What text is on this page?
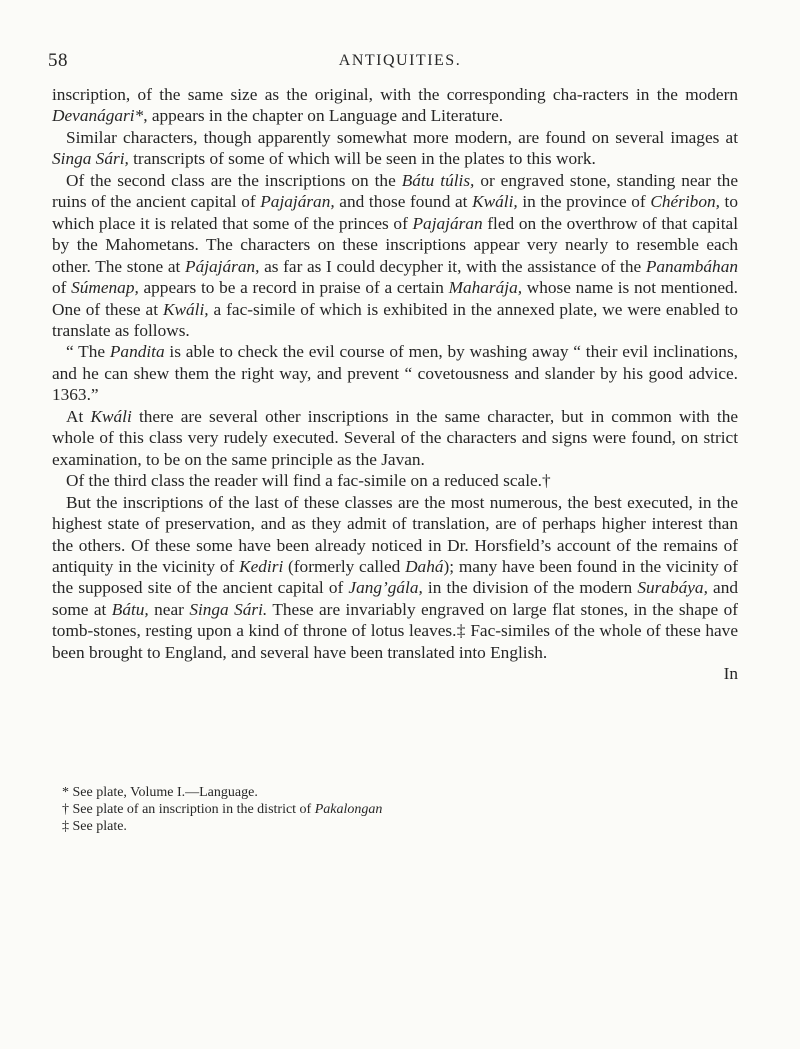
58	ANTIQUITIES.

inscription, of the same size as the original, with the corresponding cha-racters in the modern Devanágari*, appears in the chapter on Language and Literature.

Similar characters, though apparently somewhat more modern, are found on several images at Singa Sári, transcripts of some of which will be seen in the plates to this work.

Of the second class are the inscriptions on the Bátu túlis, or engraved stone, standing near the ruins of the ancient capital of Pajajáran, and those found at Kwáli, in the province of Chéribon, to which place it is related that some of the princes of Pajajáran fled on the overthrow of that capital by the Mahometans. The characters on these inscriptions appear very nearly to resemble each other. The stone at Pájajáran, as far as I could decypher it, with the assistance of the Panambáhan of Súmenap, appears to be a record in praise of a certain Maharája, whose name is not mentioned. One of these at Kwáli, a fac-simile of which is exhibited in the annexed plate, we were enabled to translate as follows.

“ The Pandita is able to check the evil course of men, by washing away “ their evil inclinations, and he can shew them the right way, and prevent “ covetousness and slander by his good advice. 1363.”

At Kwáli there are several other inscriptions in the same character, but in common with the whole of this class very rudely executed. Several of the characters and signs were found, on strict examination, to be on the same principle as the Javan.

Of the third class the reader will find a fac-simile on a reduced scale.†

But the inscriptions of the last of these classes are the most numerous, the best executed, in the highest state of preservation, and as they admit of translation, are of perhaps higher interest than the others. Of these some have been already noticed in Dr. Horsfield’s account of the remains of antiquity in the vicinity of Kediri (formerly called Dahá); many have been found in the vicinity of the supposed site of the ancient capital of Jang’gála, in the division of the modern Surabáya, and some at Bátu, near Singa Sári. These are invariably engraved on large flat stones, in the shape of tomb-stones, resting upon a kind of throne of lotus leaves.‡ Fac-similes of the whole of these have been brought to England, and several have been translated into English.

In

* See plate, Volume I.—Language.

† See plate of an inscription in the district of Pakalongan

‡ See plate.
